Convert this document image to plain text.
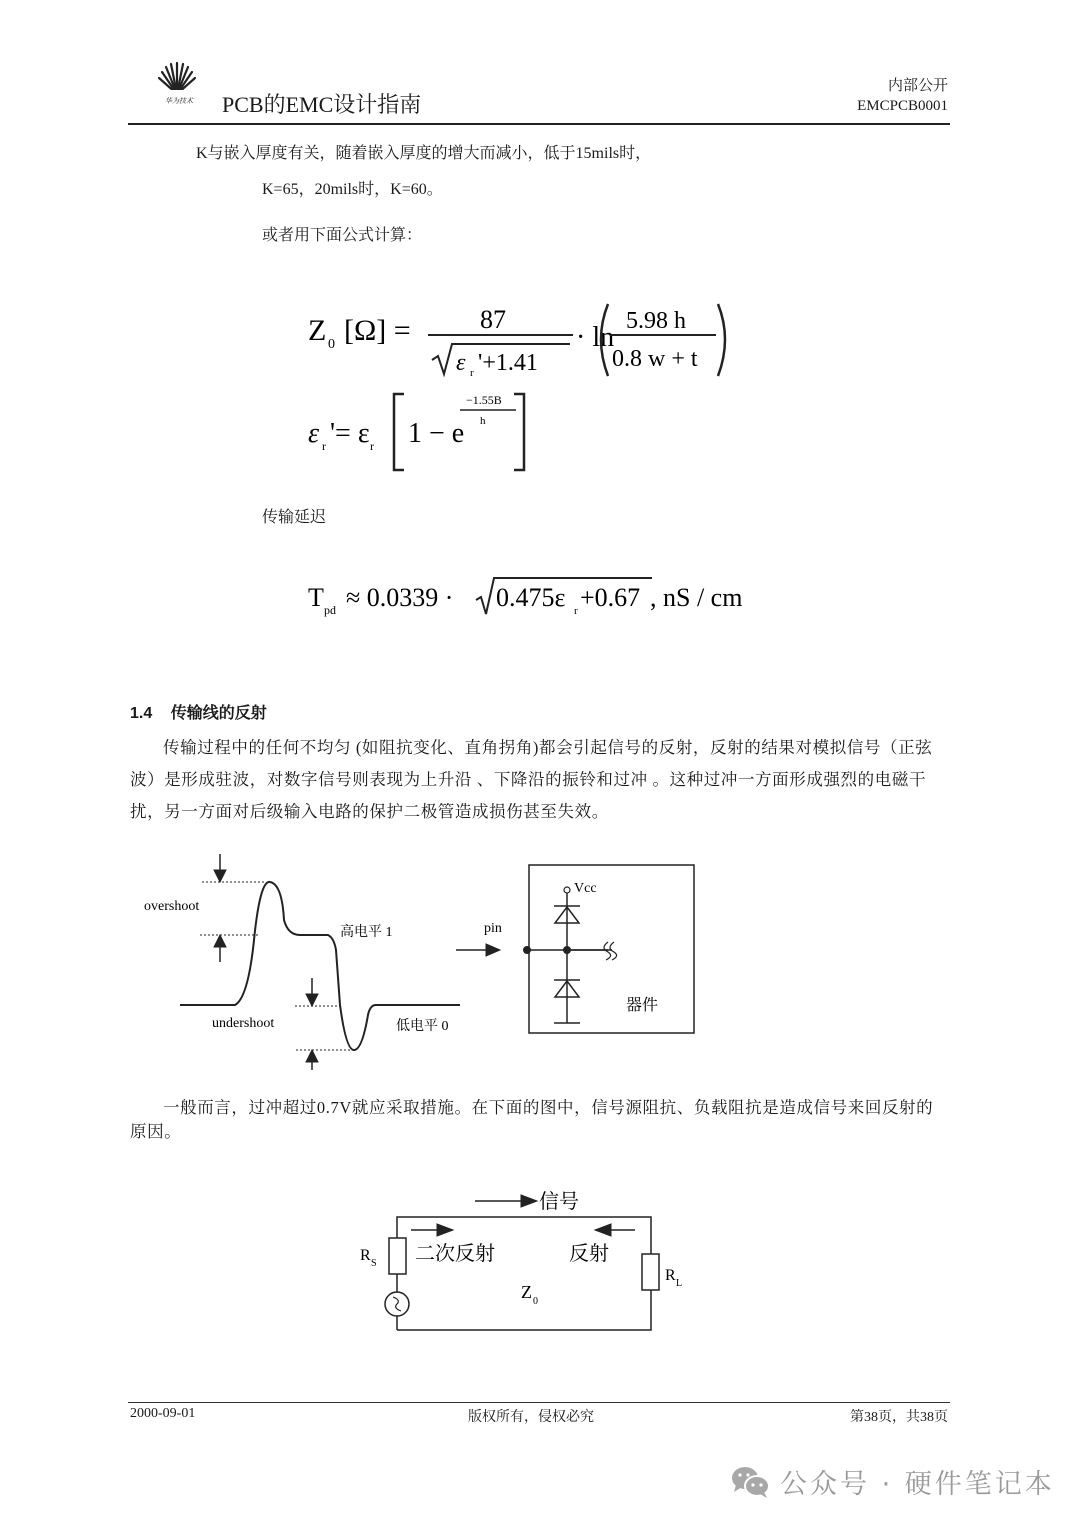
华为技术	PCB的EMC设计指南
内部公开
EMCPCB0001
K与嵌入厚度有关，随着嵌入厚度的增大而减小，低于15mils时，
K=65，20mils时，K=60。
或者用下面公式计算：
Z 0 [Ω] =	87
ε r '+1.41
· ln
5.98 h
0.8 w + t
ε r '= ε r 1 − e
−1.55B
h
传输延迟
T pd ≈ 0.0339 · 0.475ε r +0.67 , nS / cm
1.4 传输线的反射
传输过程中的任何不均匀 (如阻抗变化、直角拐角)都会引起信号的反射，反射的结果对模拟信号（正弦波）是形成驻波，对数字信号则表现为上升沿 、下降沿的振铃和过冲 。这种过冲一方面形成强烈的电磁干扰，另一方面对后级输入电路的保护二极管造成损伤甚至失效。
overshoot
undershoot
高电平 1
低电平 0
pin
Vcc
器件
一般而言，过冲超过0.7V就应采取措施。在下面的图中，信号源阻抗、负载阻抗是造成信号来回反射的原因。
信号
R S 二次反射	反射
R L
Z 0
2000-09-01	版权所有，侵权必究	第38页，共38页
公众号 · 硬件笔记本
